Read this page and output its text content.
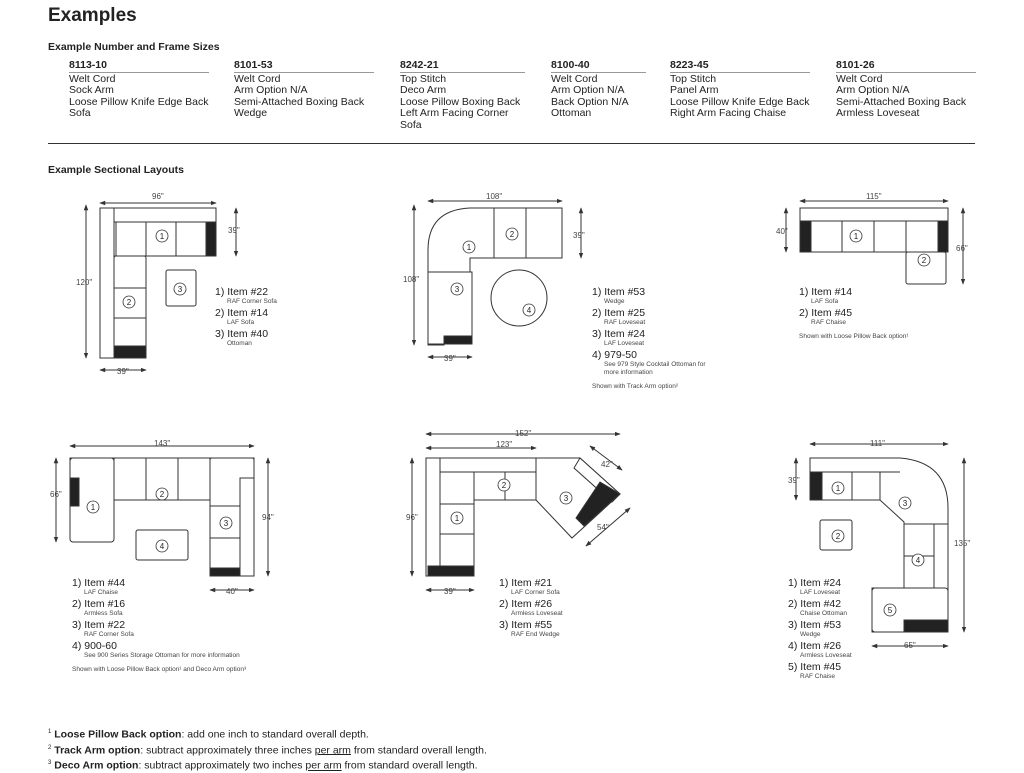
Examples
Example Number and Frame Sizes
8113-10
Welt Cord
Sock Arm
Loose Pillow Knife Edge Back
Sofa
8101-53
Welt Cord
Arm Option N/A
Semi-Attached Boxing Back
Wedge
8242-21
Top Stitch
Deco Arm
Loose Pillow Boxing Back
Left Arm Facing Corner Sofa
8100-40
Welt Cord
Arm Option N/A
Back Option N/A
Ottoman
8223-45
Top Stitch
Panel Arm
Loose Pillow Knife Edge Back
Right Arm Facing Chaise
8101-26
Welt Cord
Arm Option N/A
Semi-Attached Boxing Back
Armless Loveseat
Example Sectional Layouts
1
2
3
1
2
3
4
1
2
1
2
3
4
1
2
3
1
2
3
4
5
96"
39"
120"
39"
108"
39"
108"
39"
115"
40"
66"
143"
66"
94"
40"
152"
123"
42"
96"
54"
39"
111"
39"
135"
65"
1) Item #22
RAF Corner Sofa
2) Item #14
LAF Sofa
3) Item #40
Ottoman
1) Item #53
Wedge
2) Item #25
RAF Loveseat
3) Item #24
LAF Loveseat
4) 979-50
See 979 Style Cocktail Ottoman for more information
Shown with Track Arm option²
1) Item #14
LAF Sofa
2) Item #45
RAF Chaise
Shown with Loose Pillow Back option¹
1) Item #44
LAF Chaise
2) Item #16
Armless Sofa
3) Item #22
RAF Corner Sofa
4) 900-60
See 900 Series Storage Ottoman for more information
Shown with Loose Pillow Back option¹ and Deco Arm option³
1) Item #21
LAF Corner Sofa
2) Item #26
Armless Loveseat
3) Item #55
RAF End Wedge
1) Item #24
LAF Loveseat
2) Item #42
Chaise Ottoman
3) Item #53
Wedge
4) Item #26
Armless Loveseat
5) Item #45
RAF Chaise
$^1$ Loose Pillow Back option: add one inch to standard overall depth.
$^2$ Track Arm option: subtract approximately three inches per arm from standard overall length.
$^3$ Deco Arm option: subtract approximately two inches per arm from standard overall length.
